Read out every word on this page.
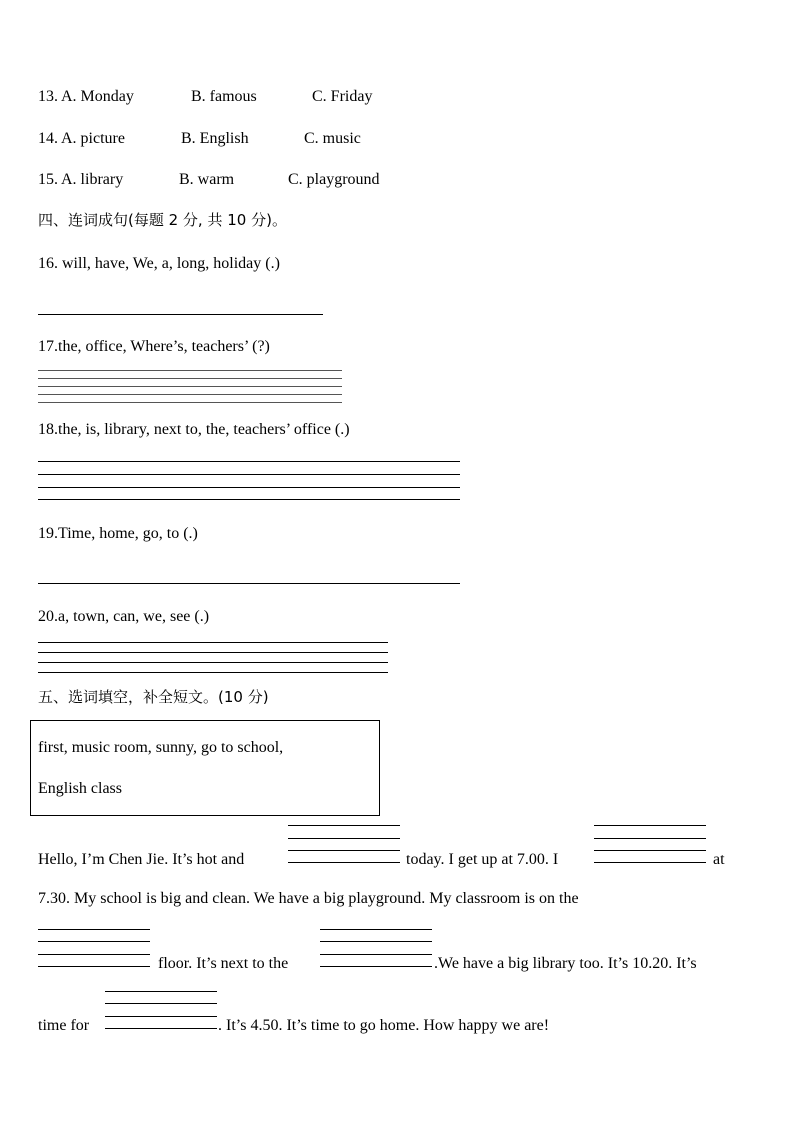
13. A. Monday	B. famous	C. Friday
14. A. picture	B. English	C. music
15. A. library	B. warm	C. playground
四、连词成句(每题 2 分, 共 10 分)。
16. will, have, We, a, long, holiday (.)
17.the, office, Where’s, teachers’ (?)
18.the, is, library, next to, the, teachers’ office (.)
19.Time, home, go, to (.)
20.a, town, can, we, see (.)
五、选词填空，补全短文。(10 分)
first, music room, sunny, go to school,
English class
Hello, I’m Chen Jie. It’s hot and	today. I get up at 7.00. I	at
7.30. My school is big and clean. We have a big playground. My classroom is on the
floor. It’s next to the	.We have a big library too. It’s 10.20. It’s
time for	. It’s 4.50. It’s time to go home. How happy we are!
